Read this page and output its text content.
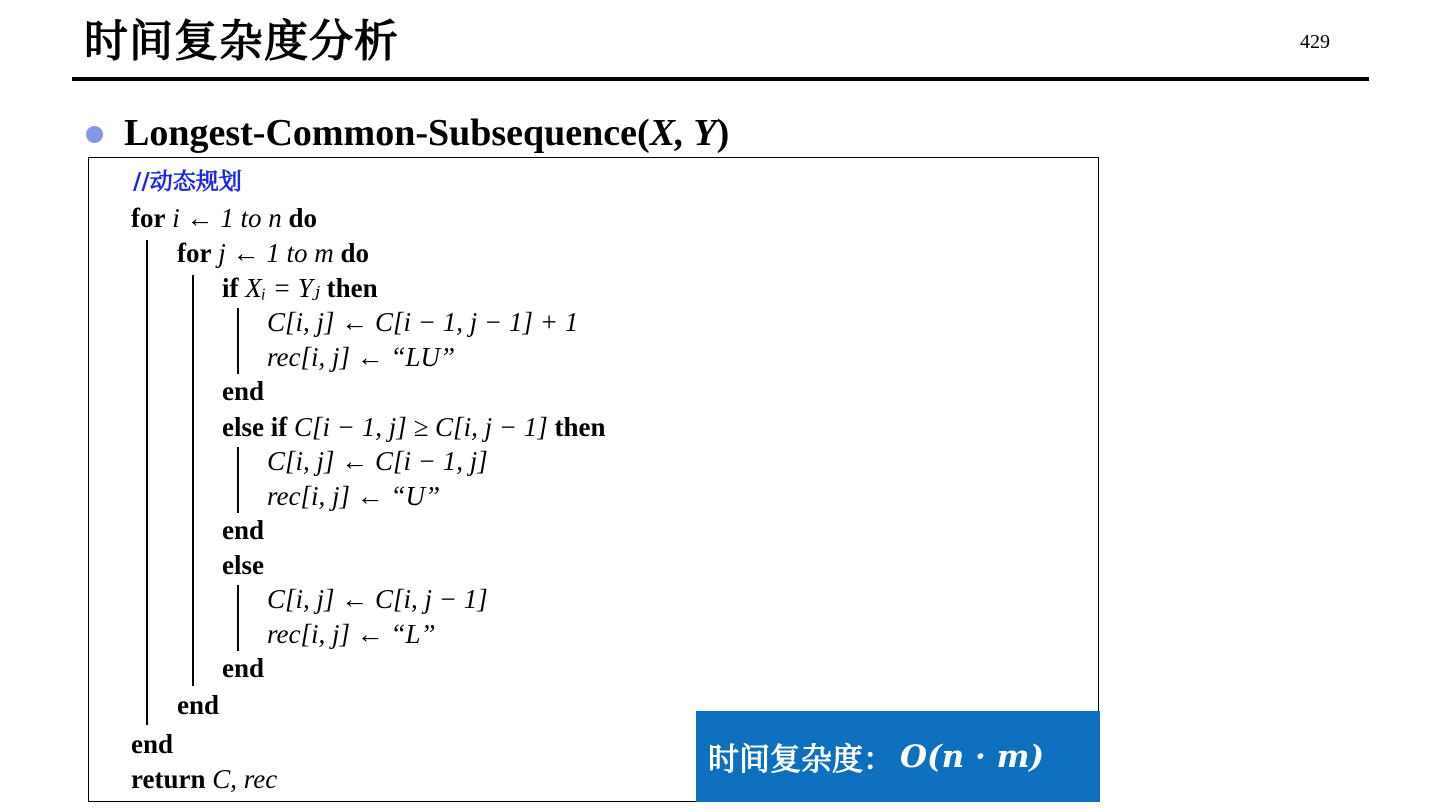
时间复杂度分析	429
Longest-Common-Subsequence(X, Y)
//动态规划
for i ← 1 to n do
for j ← 1 to m do
if Xᵢ = Yⱼ then
C[i, j] ← C[i − 1, j − 1] + 1
rec[i, j] ← “LU”
end
else if C[i − 1, j] ≥ C[i, j − 1] then
C[i, j] ← C[i − 1, j]
rec[i, j] ← “U”
end
else
C[i, j] ← C[i, j − 1]
rec[i, j] ← “L”
end
end
end
return C, rec
时间复杂度： O(n · m)
